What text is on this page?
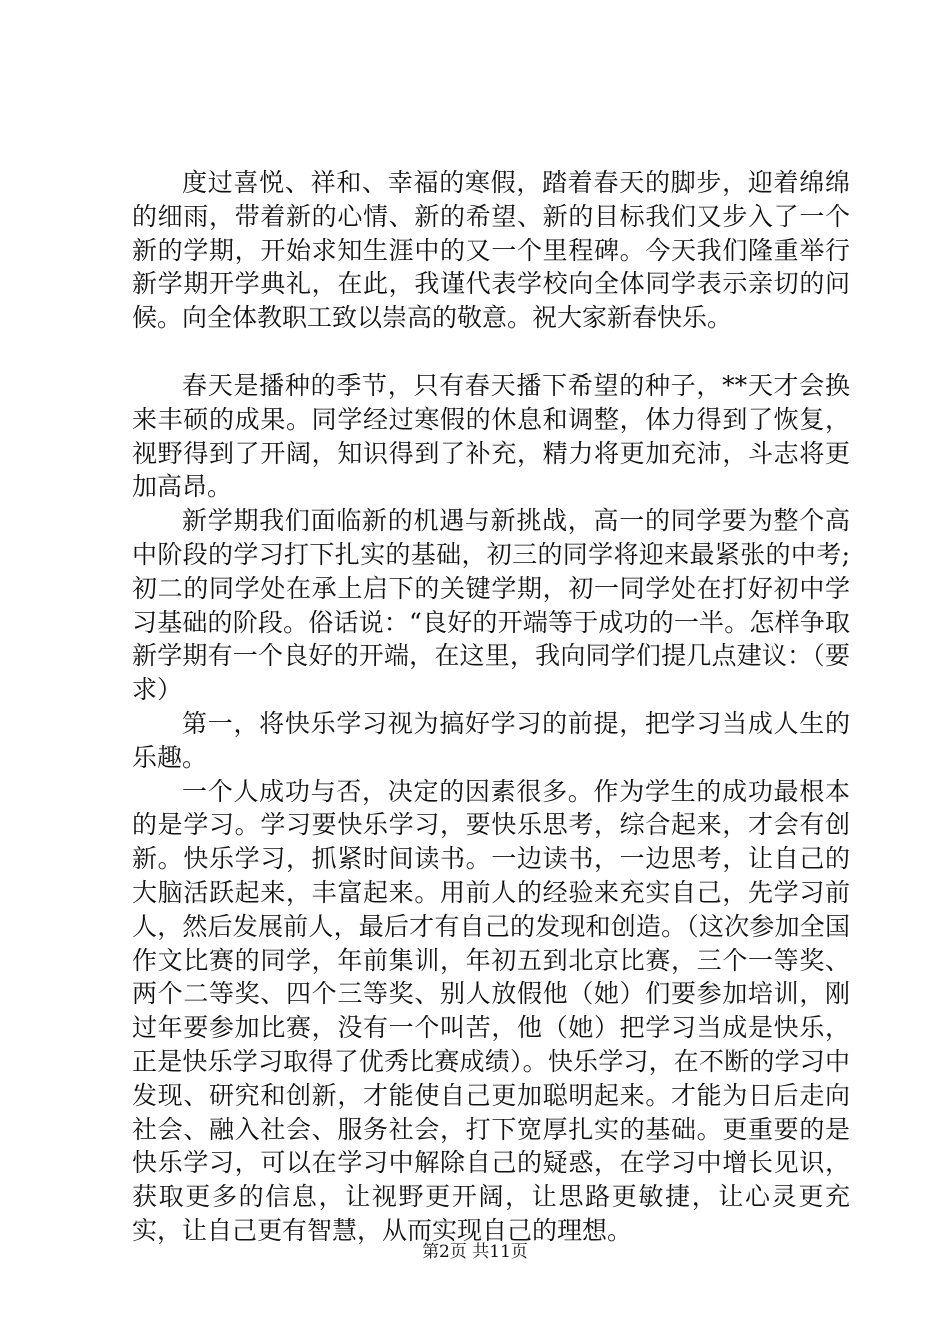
度过喜悦、祥和、幸福的寒假，踏着春天的脚步，迎着绵绵的细雨，带着新的心情、新的希望、新的目标我们又步入了一个新的学期，开始求知生涯中的又一个里程碑。今天我们隆重举行新学期开学典礼，在此，我谨代表学校向全体同学表示亲切的问候。向全体教职工致以崇高的敬意。祝大家新春快乐。

春天是播种的季节，只有春天播下希望的种子，**天才会换来丰硕的成果。同学经过寒假的休息和调整，体力得到了恢复，视野得到了开阔，知识得到了补充，精力将更加充沛，斗志将更加高昂。

新学期我们面临新的机遇与新挑战，高一的同学要为整个高中阶段的学习打下扎实的基础，初三的同学将迎来最紧张的中考;初二的同学处在承上启下的关键学期，初一同学处在打好初中学习基础的阶段。俗话说：“良好的开端等于成功的一半。怎样争取新学期有一个良好的开端，在这里，我向同学们提几点建议：（要求）

第一，将快乐学习视为搞好学习的前提，把学习当成人生的乐趣。

一个人成功与否，决定的因素很多。作为学生的成功最根本的是学习。学习要快乐学习，要快乐思考，综合起来，才会有创新。快乐学习，抓紧时间读书。一边读书，一边思考，让自己的大脑活跃起来，丰富起来。用前人的经验来充实自己，先学习前人，然后发展前人，最后才有自己的发现和创造。（这次参加全国作文比赛的同学，年前集训，年初五到北京比赛，三个一等奖、两个二等奖、四个三等奖、别人放假他（她）们要参加培训，刚过年要参加比赛，没有一个叫苦，他（她）把学习当成是快乐，正是快乐学习取得了优秀比赛成绩）。快乐学习，在不断的学习中发现、研究和创新，才能使自己更加聪明起来。才能为日后走向社会、融入社会、服务社会，打下宽厚扎实的基础。更重要的是快乐学习，可以在学习中解除自己的疑惑，在学习中增长见识，获取更多的信息，让视野更开阔，让思路更敏捷，让心灵更充实，让自己更有智慧，从而实现自己的理想。

第2页 共11页
